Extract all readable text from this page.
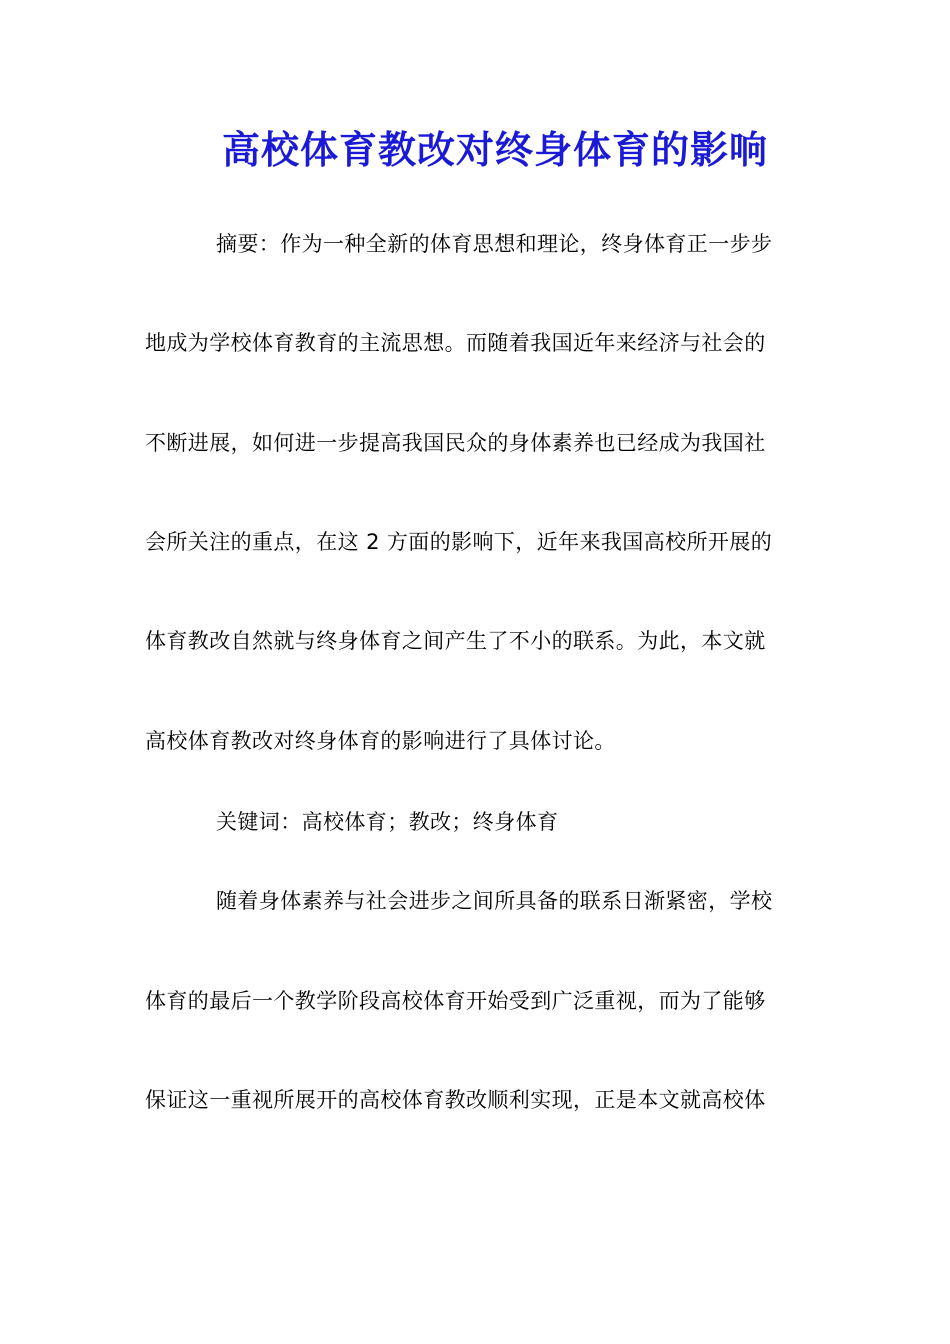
高校体育教改对终身体育的影响
摘要：作为一种全新的体育思想和理论，终身体育正一步步
地成为学校体育教育的主流思想。而随着我国近年来经济与社会的
不断进展，如何进一步提高我国民众的身体素养也已经成为我国社
会所关注的重点，在这 2 方面的影响下，近年来我国高校所开展的
体育教改自然就与终身体育之间产生了不小的联系。为此，本文就
高校体育教改对终身体育的影响进行了具体讨论。
关键词：高校体育；教改；终身体育
随着身体素养与社会进步之间所具备的联系日渐紧密，学校
体育的最后一个教学阶段高校体育开始受到广泛重视，而为了能够
保证这一重视所展开的高校体育教改顺利实现，正是本文就高校体
